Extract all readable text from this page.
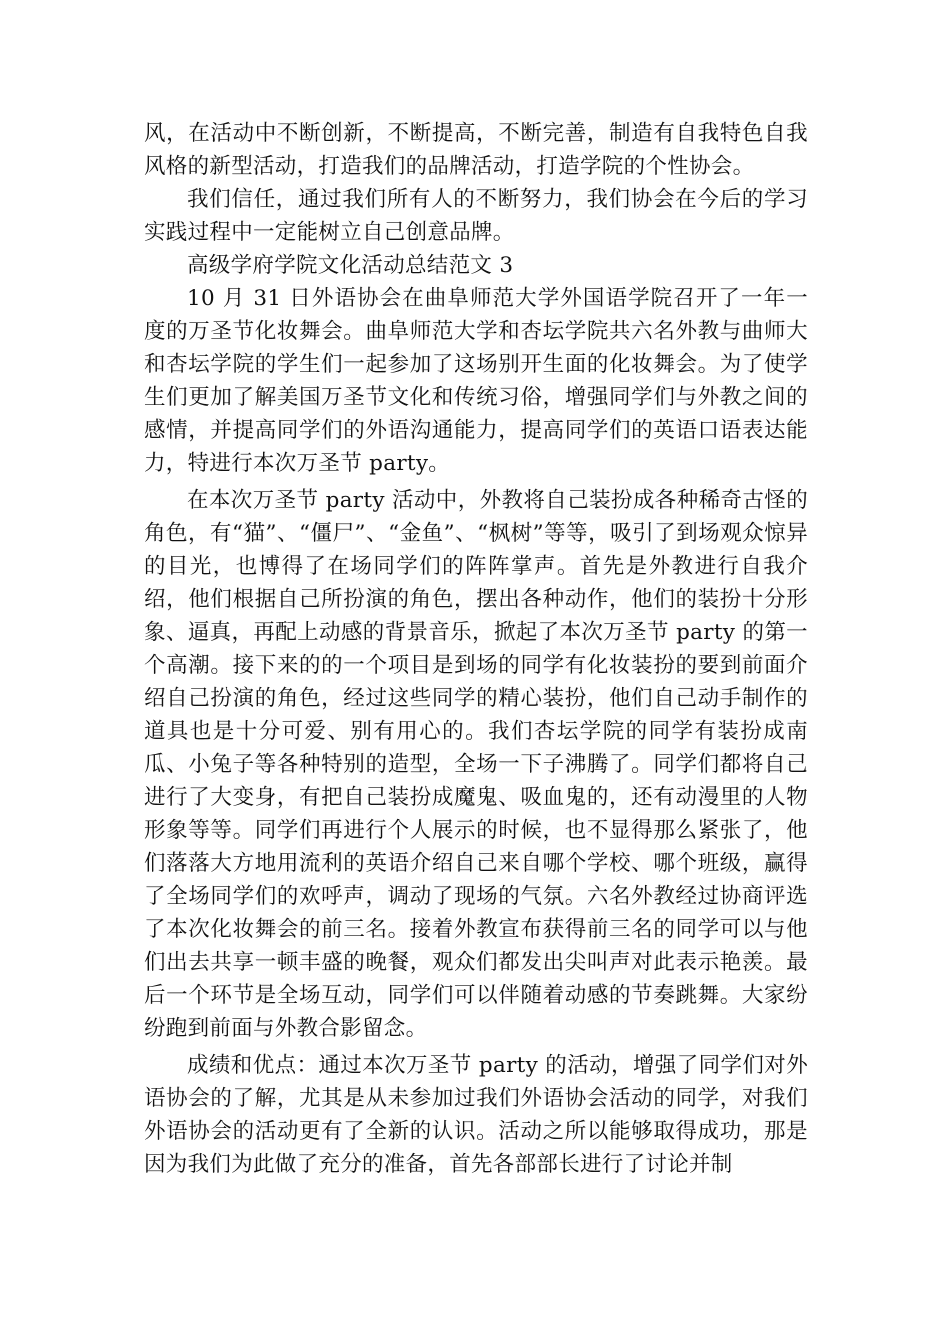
风，在活动中不断创新，不断提高，不断完善，制造有自我特色自我风格的新型活动，打造我们的品牌活动，打造学院的个性协会。

我们信任，通过我们所有人的不断努力，我们协会在今后的学习实践过程中一定能树立自己创意品牌。

高级学府学院文化活动总结范文 3

10 月 31 日外语协会在曲阜师范大学外国语学院召开了一年一度的万圣节化妆舞会。曲阜师范大学和杏坛学院共六名外教与曲师大和杏坛学院的学生们一起参加了这场别开生面的化妆舞会。为了使学生们更加了解美国万圣节文化和传统习俗，增强同学们与外教之间的感情，并提高同学们的外语沟通能力，提高同学们的英语口语表达能力，特进行本次万圣节 party。

在本次万圣节 party 活动中，外教将自己装扮成各种稀奇古怪的角色，有“猫”、“僵尸”、“金鱼”、“枫树”等等，吸引了到场观众惊异的目光，也博得了在场同学们的阵阵掌声。首先是外教进行自我介绍，他们根据自己所扮演的角色，摆出各种动作，他们的装扮十分形象、逼真，再配上动感的背景音乐，掀起了本次万圣节 party 的第一个高潮。接下来的的一个项目是到场的同学有化妆装扮的要到前面介绍自己扮演的角色，经过这些同学的精心装扮，他们自己动手制作的道具也是十分可爱、别有用心的。我们杏坛学院的同学有装扮成南瓜、小兔子等各种特别的造型，全场一下子沸腾了。同学们都将自己进行了大变身，有把自己装扮成魔鬼、吸血鬼的，还有动漫里的人物形象等等。同学们再进行个人展示的时候，也不显得那么紧张了，他们落落大方地用流利的英语介绍自己来自哪个学校、哪个班级，赢得了全场同学们的欢呼声，调动了现场的气氛。六名外教经过协商评选了本次化妆舞会的前三名。接着外教宣布获得前三名的同学可以与他们出去共享一顿丰盛的晚餐，观众们都发出尖叫声对此表示艳羡。最后一个环节是全场互动，同学们可以伴随着动感的节奏跳舞。大家纷纷跑到前面与外教合影留念。

成绩和优点：通过本次万圣节 party 的活动，增强了同学们对外语协会的了解，尤其是从未参加过我们外语协会活动的同学，对我们外语协会的活动更有了全新的认识。活动之所以能够取得成功，那是因为我们为此做了充分的准备，首先各部部长进行了讨论并制
